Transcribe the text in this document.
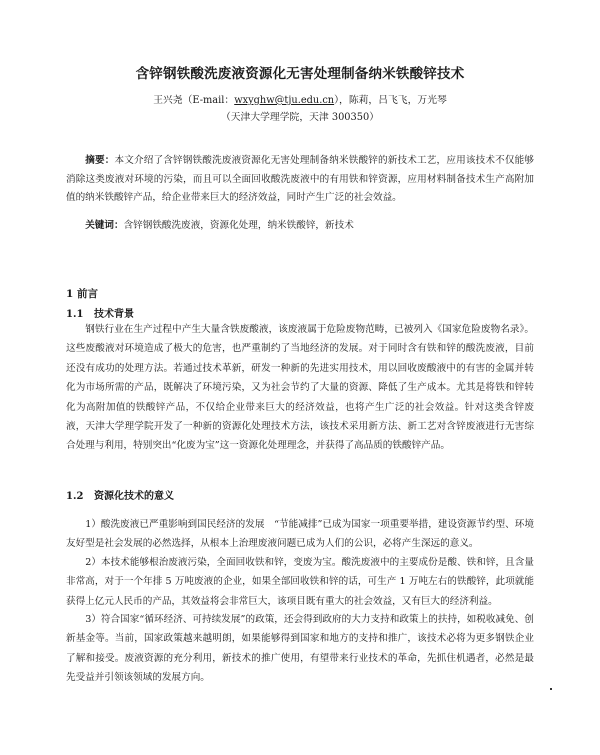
含锌钢铁酸洗废液资源化无害处理制备纳米铁酸锌技术
王兴尧（E-mail：wxyghw@tju.edu.cn），陈莉，吕飞飞，万光琴
（天津大学理学院，天津 300350）
摘要：本文介绍了含锌钢铁酸洗废液资源化无害处理制备纳米铁酸锌的新技术工艺，应用该技术不仅能够消除这类废液对环境的污染，而且可以全面回收酸洗废液中的有用铁和锌资源，应用材料制备技术生产高附加值的纳米铁酸锌产品，给企业带来巨大的经济效益，同时产生广泛的社会效益。
关键词：含锌钢铁酸洗废液，资源化处理，纳米铁酸锌，新技术
1 前言
1.1 技术背景
钢铁行业在生产过程中产生大量含铁废酸液，该废液属于危险废物范畴，已被列入《国家危险废物名录》。这些废酸液对环境造成了极大的危害，也严重制约了当地经济的发展。对于同时含有铁和锌的酸洗废液，目前还没有成功的处理方法。若通过技术革新，研发一种新的先进实用技术，用以回收废酸液中的有害的金属并转化为市场所需的产品，既解决了环境污染，又为社会节约了大量的资源、降低了生产成本。尤其是将铁和锌转化为高附加值的铁酸锌产品，不仅给企业带来巨大的经济效益，也将产生广泛的社会效益。针对这类含锌废液，天津大学理学院开发了一种新的资源化处理技术方法，该技术采用新方法、新工艺对含锌废液进行无害综合处理与利用，特别突出“化废为宝”这一资源化处理理念，并获得了高品质的铁酸锌产品。
1.2 资源化技术的意义
1）酸洗废液已严重影响到国民经济的发展　“节能减排”已成为国家一项重要举措，建设资源节约型、环境友好型是社会发展的必然选择，从根本上治理废液问题已成为人们的公识，必将产生深远的意义。
2）本技术能够根治废液污染，全面回收铁和锌，变废为宝。酸洗废液中的主要成份是酸、铁和锌，且含量非常高，对于一个年排 5 万吨废液的企业，如果全部回收铁和锌的话，可生产 1 万吨左右的铁酸锌，此项就能获得上亿元人民币的产品，其效益将会非常巨大，该项目既有重大的社会效益，又有巨大的经济利益。
3）符合国家“循环经济、可持续发展”的政策，还会得到政府的大力支持和政策上的扶持，如税收减免、创新基金等。当前，国家政策越来越明朗，如果能够得到国家和地方的支持和推广，该技术必将为更多钢铁企业了解和接受。废液资源的充分利用，新技术的推广使用，有望带来行业技术的革命，先抓住机遇者，必然是最先受益并引领该领域的发展方向。
